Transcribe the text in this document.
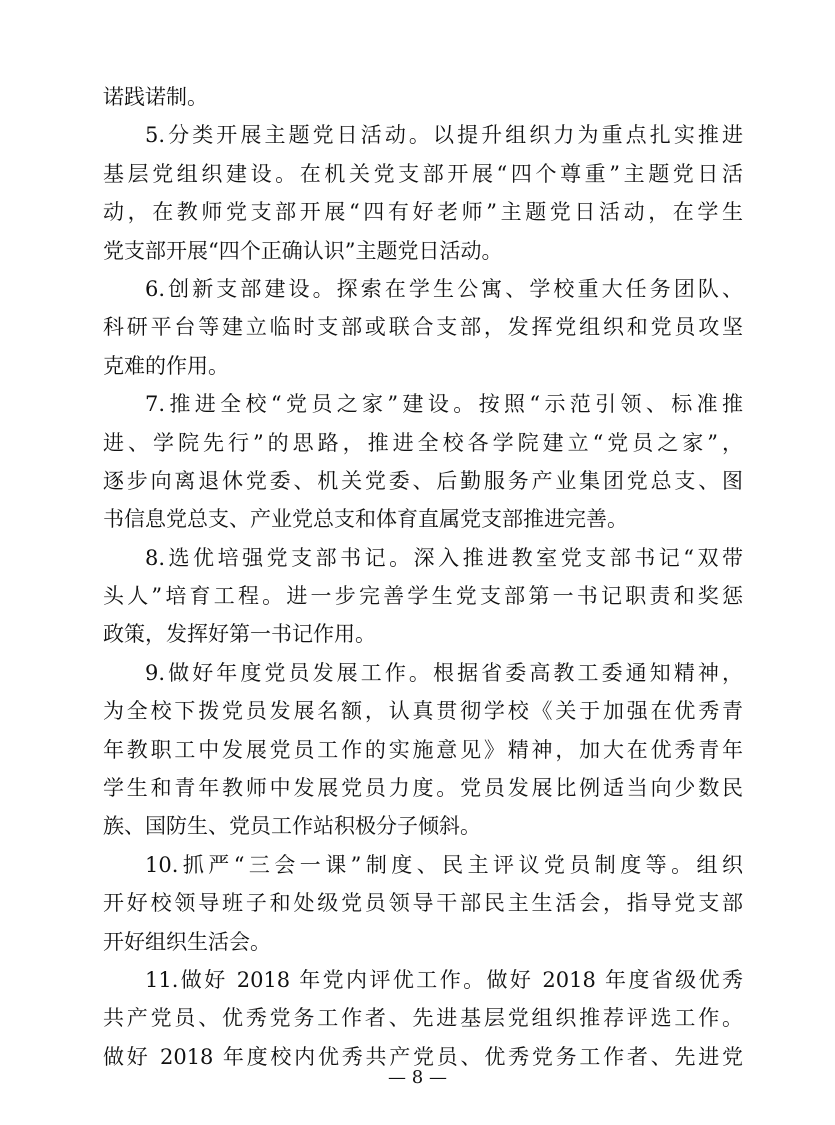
诺践诺制。
5.分类开展主题党日活动。以提升组织力为重点扎实推进
基层党组织建设。在机关党支部开展“四个尊重”主题党日活
动，在教师党支部开展“四有好老师”主题党日活动，在学生
党支部开展“四个正确认识”主题党日活动。
6.创新支部建设。探索在学生公寓、学校重大任务团队、
科研平台等建立临时支部或联合支部，发挥党组织和党员攻坚
克难的作用。
7.推进全校“党员之家”建设。按照“示范引领、标准推
进、学院先行”的思路，推进全校各学院建立“党员之家”，
逐步向离退休党委、机关党委、后勤服务产业集团党总支、图
书信息党总支、产业党总支和体育直属党支部推进完善。
8.选优培强党支部书记。深入推进教室党支部书记“双带
头人”培育工程。进一步完善学生党支部第一书记职责和奖惩
政策，发挥好第一书记作用。
9.做好年度党员发展工作。根据省委高教工委通知精神，
为全校下拨党员发展名额，认真贯彻学校《关于加强在优秀青
年教职工中发展党员工作的实施意见》精神，加大在优秀青年
学生和青年教师中发展党员力度。党员发展比例适当向少数民
族、国防生、党员工作站积极分子倾斜。
10.抓严“三会一课”制度、民主评议党员制度等。组织
开好校领导班子和处级党员领导干部民主生活会，指导党支部
开好组织生活会。
11.做好 2018 年党内评优工作。做好 2018 年度省级优秀
共产党员、优秀党务工作者、先进基层党组织推荐评选工作。
做好 2018 年度校内优秀共产党员、优秀党务工作者、先进党
— 8 —
